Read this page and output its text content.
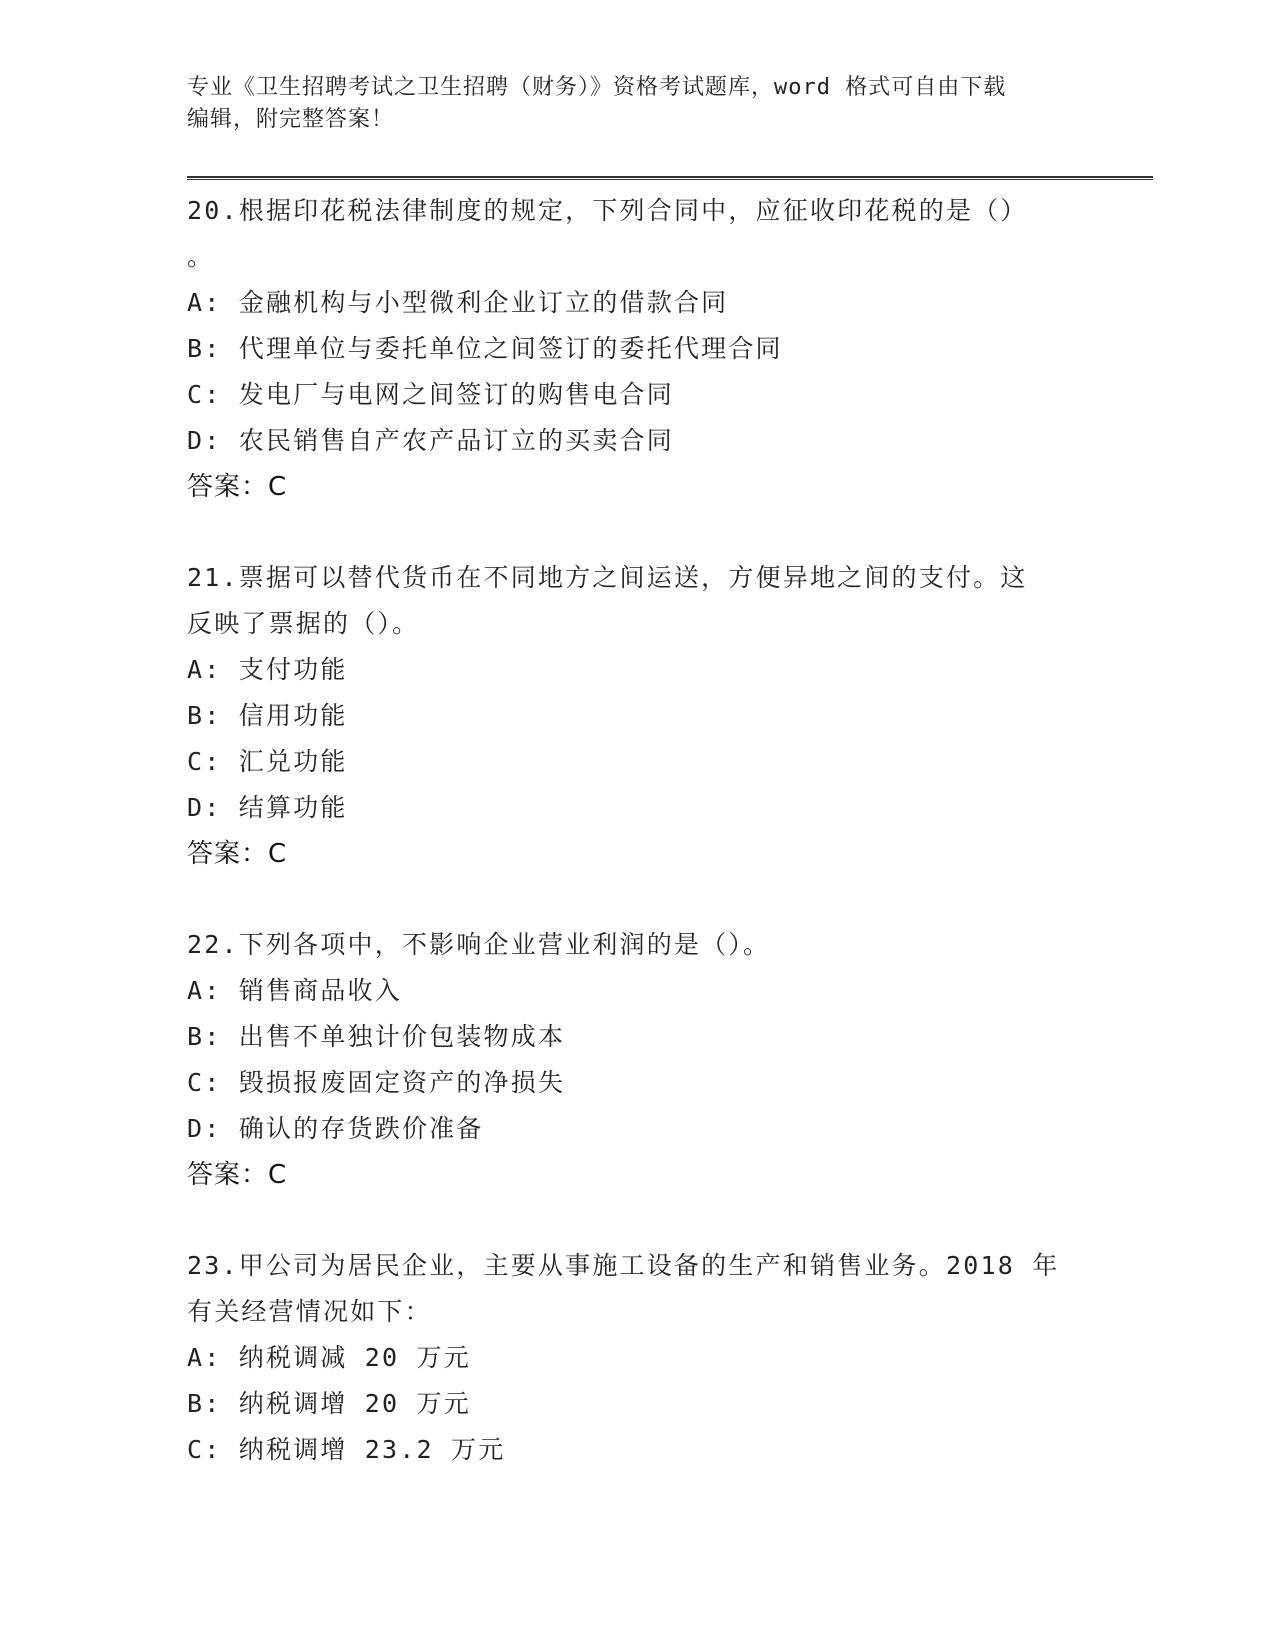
专业《卫生招聘考试之卫生招聘（财务）》资格考试题库，word 格式可自由下载
编辑，附完整答案！
20.根据印花税法律制度的规定，下列合同中，应征收印花税的是（）
。
A: 金融机构与小型微利企业订立的借款合同
B: 代理单位与委托单位之间签订的委托代理合同
C: 发电厂与电网之间签订的购售电合同
D: 农民销售自产农产品订立的买卖合同
答案：C
21.票据可以替代货币在不同地方之间运送，方便异地之间的支付。这
反映了票据的（）。
A: 支付功能
B: 信用功能
C: 汇兑功能
D: 结算功能
答案：C
22.下列各项中，不影响企业营业利润的是（）。
A: 销售商品收入
B: 出售不单独计价包装物成本
C: 毁损报废固定资产的净损失
D: 确认的存货跌价准备
答案：C
23.甲公司为居民企业，主要从事施工设备的生产和销售业务。2018 年
有关经营情况如下：
A: 纳税调减 20 万元
B: 纳税调增 20 万元
C: 纳税调增 23.2 万元
